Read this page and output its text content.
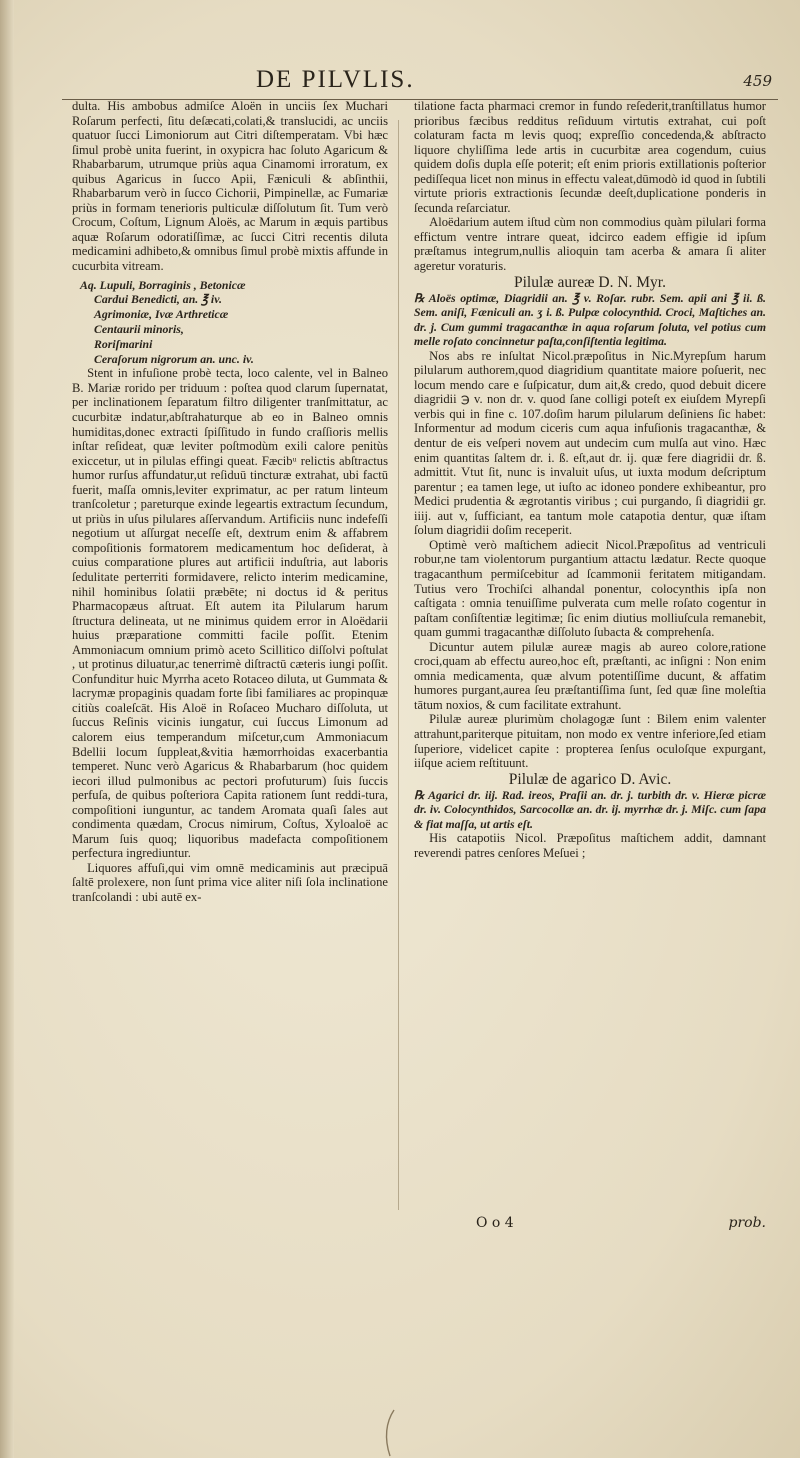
DE PILVLIS.	459

dulta. His ambobus admiſce Aloën in unciis ſex Muchari Roſarum perfecti, ſitu deſæcati,colati,& translucidi, ac unciis quatuor ſucci Limoniorum aut Citri diſtemperatam. Vbi hæc ſimul probè unita fuerint, in oxypicra hac ſoluto Agaricum & Rhabarbarum, utrumque priùs aqua Cinamomi irroratum, ex quibus Agaricus in ſucco Apii, Fæniculi & abſinthii, Rhabarbarum verò in ſucco Cichorii, Pimpinellæ, ac Fumariæ priùs in formam tenerioris pulticulæ diſſolutum ſit. Tum verò Crocum, Coſtum, Lignum Aloës, ac Marum in æquis partibus aquæ Roſarum odoratiſſimæ, ac ſucci Citri recentis diluta medicamini adhibeto,& omnibus ſimul probè mixtis affunde in cucurbita vitream.

Aq. Lupuli, Borraginis , Betonicæ

Cardui Benedicti, an. ℥ iv.

Agrimoniæ, Ivæ Arthreticæ

Centaurii minoris,

Roriſmarini

Ceraſorum nigrorum an. unc. iv.

Stent in infuſione probè tecta, loco calente, vel in Balneo B. Mariæ rorido per triduum : poſtea quod clarum ſupernatat, per inclinationem ſeparatum filtro diligenter tranſmittatur, ac cucurbitæ indatur,abſtrahaturque ab eo in Balneo omnis humiditas,donec extracti ſpiſſitudo in fundo craſſioris mellis inſtar reſideat, quæ leviter poſtmodùm exili calore penitùs exiccetur, ut in pilulas effingi queat. Fæcibᵘ relictis abſtractus humor rurſus affundatur,ut reſiduū tincturæ extrahat, ubi factū fuerit, maſſa omnis,leviter exprimatur, ac per ratum linteum tranſcoletur ; pareturque exinde legeartis extractum ſecundum, ut priùs in uſus pilulares aſſervandum. Artificiis nunc indefeſſi negotium ut aſſurgat neceſſe eſt, dextrum enim & affabrem compoſitionis formatorem medicamentum hoc deſiderat, à cuius comparatione plures aut artificii induſtria, aut laboris ſedulitate perterriti formidavere, relicto interim medicamine, nihil hominibus ſolatii præbēte; ni doctus id & peritus Pharmacopæus aſtruat. Eſt autem ita Pilularum harum ſtructura delineata, ut ne minimus quidem error in Aloëdarii huius præparatione committi facile poſſit. Etenim Ammoniacum omnium primò aceto Scillitico diſſolvi poſtulat , ut protinus diluatur,ac tenerrimè diſtractū cæteris iungi poſſit. Confunditur huic Myrrha aceto Rotaceo diluta, ut Gummata & lacrymæ propaginis quadam forte ſibi familiares ac propinquæ citiùs coaleſcāt. His Aloë in Roſaceo Mucharo diſſoluta, ut ſuccus Reſinis vicinis iungatur, cui ſuccus Limonum ad calorem eius temperandum miſcetur,cum Ammoniacum Bdellii locum ſuppleat,&vitia hæmorrhoidas exacerbantia temperet. Nunc verò Agaricus & Rhabarbarum (hoc quidem iecori illud pulmonibus ac pectori profuturum) ſuis ſuccis perfuſa, de quibus poſteriora Capita rationem ſunt reddi-tura, compoſitioni iunguntur, ac tandem Aromata quaſi ſales aut condimenta quædam, Crocus nimirum, Coſtus, Xyloaloë ac Marum ſuis quoq; liquoribus madefacta compoſitionem perfectura ingrediuntur.

Liquores affuſi,qui vim omnē medicaminis aut præcipuā ſaltē prolexere, non ſunt prima vice aliter niſi ſola inclinatione tranſcolandi : ubi autē ex-

tilatione facta pharmaci cremor in fundo reſederit,tranſtillatus humor prioribus fæcibus redditus reſiduum virtutis extrahat, cui poſt colaturam facta m levis quoq; expreſſio concedenda,& abſtracto liquore chyliſſima lede artis in cucurbitæ area cogendum, cuius quidem doſis dupla eſſe poterit; eſt enim prioris extillationis poſterior pediſſequa licet non minus in effectu valeat,dūmodò id quod in ſubtili virtute prioris extractionis ſecundæ deeſt,duplicatione ponderis in ſecunda reſarciatur.

Aloëdarium autem iſtud cùm non commodius quàm pilulari forma effictum ventre intrare queat, idcirco eadem effigie id ipſum præſtamus integrum,nullis alioquin tam acerba & amara ſi aliter ageretur voraturis.

Pilulæ aureæ D. N. Myr.

℞ Aloës optimæ, Diagridii an. ℥ v. Roſar. rubr. Sem. apii ani ℥ ii. ß. Sem. aniſi, Fæniculi an. ʒ i. ß. Pulpæ colocynthid. Croci, Maſtiches an. dr. j. Cum gummi tragacanthæ in aqua roſarum ſoluta, vel potius cum melle roſato concinnetur paſta,conſiſtentia legitima.

Nos abs re inſultat Nicol.præpoſitus in Nic.Myrepſum harum pilularum authorem,quod diagridium quantitate maiore poſuerit, nec locum mendo care e ſuſpicatur, dum ait,& credo, quod debuit dicere diagridii ℈ v. non dr. v. quod ſane colligi poteſt ex eiuſdem Myrepſi verbis qui in fine c. 107.doſim harum pilularum deſiniens ſic habet: Informentur ad modum ciceris cum aqua infuſionis tragacanthæ, & dentur de eis veſperi novem aut undecim cum mulſa aut vino. Hæc enim quantitas ſaltem dr. i. ß. eſt,aut dr. ij. quæ fere diagridii dr. ß. admittit. Vtut ſit, nunc is invaluit uſus, ut iuxta modum deſcriptum parentur ; ea tamen lege, ut iuſto ac idoneo pondere exhibeantur, pro Medici prudentia & ægrotantis viribus ; cui purgando, ſi diagridii gr. iiij. aut v, ſufficiant, ea tantum mole catapotia dentur, quæ iſtam ſolum diagridii doſim receperit.

Optimè verò maſtichem adiecit Nicol.Præpoſitus ad ventriculi robur,ne tam violentorum purgantium attactu lædatur. Recte quoque tragacanthum permiſcebitur ad ſcammonii feritatem mitigandam. Tutius vero Trochiſci alhandal ponentur, colocynthis ipſa non caſtigata : omnia tenuiſſime pulverata cum melle roſato cogentur in paſtam conſiſtentiæ legitimæ; ſic enim diutius molliuſcula remanebit, quam gummi tragacanthæ diſſoluto ſubacta & comprehenſa.

Dicuntur autem pilulæ aureæ magis ab aureo colore,ratione croci,quam ab effectu aureo,hoc eſt, præſtanti, ac inſigni : Non enim omnia medicamenta, quæ alvum potentiſſime ducunt, & affatim humores purgant,aurea ſeu præſtantiſſima ſunt, ſed quæ ſine moleſtia tātum noxios, & cum facilitate extrahunt.

Pilulæ aureæ plurimùm cholagogæ ſunt : Bilem enim valenter attrahunt,pariterque pituitam, non modo ex ventre inferiore,ſed etiam ſuperiore, videlicet capite : propterea ſenſus oculoſque expurgant, iiſque aciem reſtituunt.

Pilulæ de agarico D. Avic.

℞ Agarici dr. iij. Rad. ireos, Praſii an. dr. j. turbith dr. v. Hieræ picræ dr. iv. Colocynthidos, Sarcocollæ an. dr. ij. myrrhæ dr. j. Miſc. cum ſapa & fiat maſſa, ut artis eſt.

His catapotiis Nicol. Præpoſitus maſtichem addit, damnant reverendi patres cenſores Meſuei ;

O o 4	prob.
